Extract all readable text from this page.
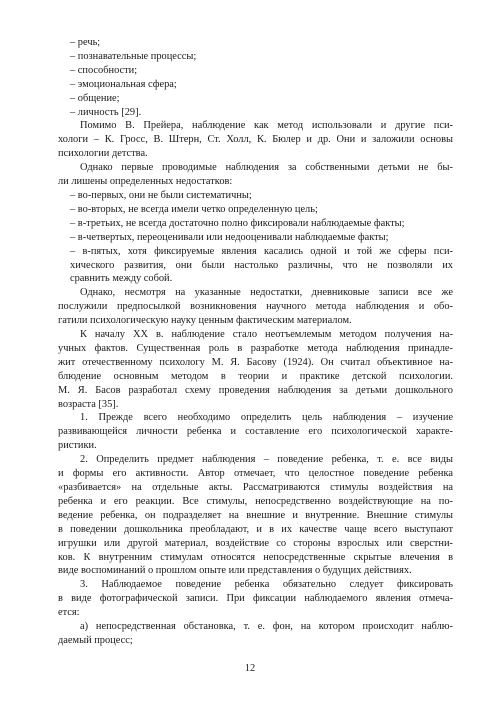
– речь;
– познавательные процессы;
– способности;
– эмоциональная сфера;
– общение;
– личность [29].
Помимо В. Прейера, наблюдение как метод использовали и другие пси-
хологи – К. Гросс, В. Штерн, Ст. Холл, К. Бюлер и др. Они и заложили основы
психологии детства.
Однако первые проводимые наблюдения за собственными детьми не бы-
ли лишены определенных недостатков:
– во-первых, они не были систематичны;
– во-вторых, не всегда имели четко определенную цель;
– в-третьих, не всегда достаточно полно фиксировали наблюдаемые факты;
– в-четвертых, переоценивали или недооценивали наблюдаемые факты;
– в-пятых, хотя фиксируемые явления касались одной и той же сферы пси-
хического развития, они были настолько различны, что не позволяли их
сравнить между собой.
Однако, несмотря на указанные недостатки, дневниковые записи все же
послужили предпосылкой возникновения научного метода наблюдения и обо-
гатили психологическую науку ценным фактическим материалом.
К началу XX в. наблюдение стало неотъемлемым методом получения на-
учных фактов. Существенная роль в разработке метода наблюдения принадле-
жит отечественному психологу М. Я. Басову (1924). Он считал объективное на-
блюдение основным методом в теории и практике детской психологии.
М. Я. Басов разработал схему проведения наблюдения за детьми дошкольного
возраста [35].
1. Прежде всего необходимо определить цель наблюдения – изучение
развивающейся личности ребенка и составление его психологической характе-
ристики.
2. Определить предмет наблюдения – поведение ребенка, т. е. все виды
и формы его активности. Автор отмечает, что целостное поведение ребенка
«разбивается» на отдельные акты. Рассматриваются стимулы воздействия на
ребенка и его реакции. Все стимулы, непосредственно воздействующие на по-
ведение ребенка, он подразделяет на внешние и внутренние. Внешние стимулы
в поведении дошкольника преобладают, и в их качестве чаще всего выступают
игрушки или другой материал, воздействие со стороны взрослых или сверстни-
ков. К внутренним стимулам относятся непосредственные скрытые влечения в
виде воспоминаний о прошлом опыте или представления о будущих действиях.
3. Наблюдаемое поведение ребенка обязательно следует фиксировать
в виде фотографической записи. При фиксации наблюдаемого явления отмеча-
ется:
а) непосредственная обстановка, т. е. фон, на котором происходит наблю-
даемый процесс;
12
